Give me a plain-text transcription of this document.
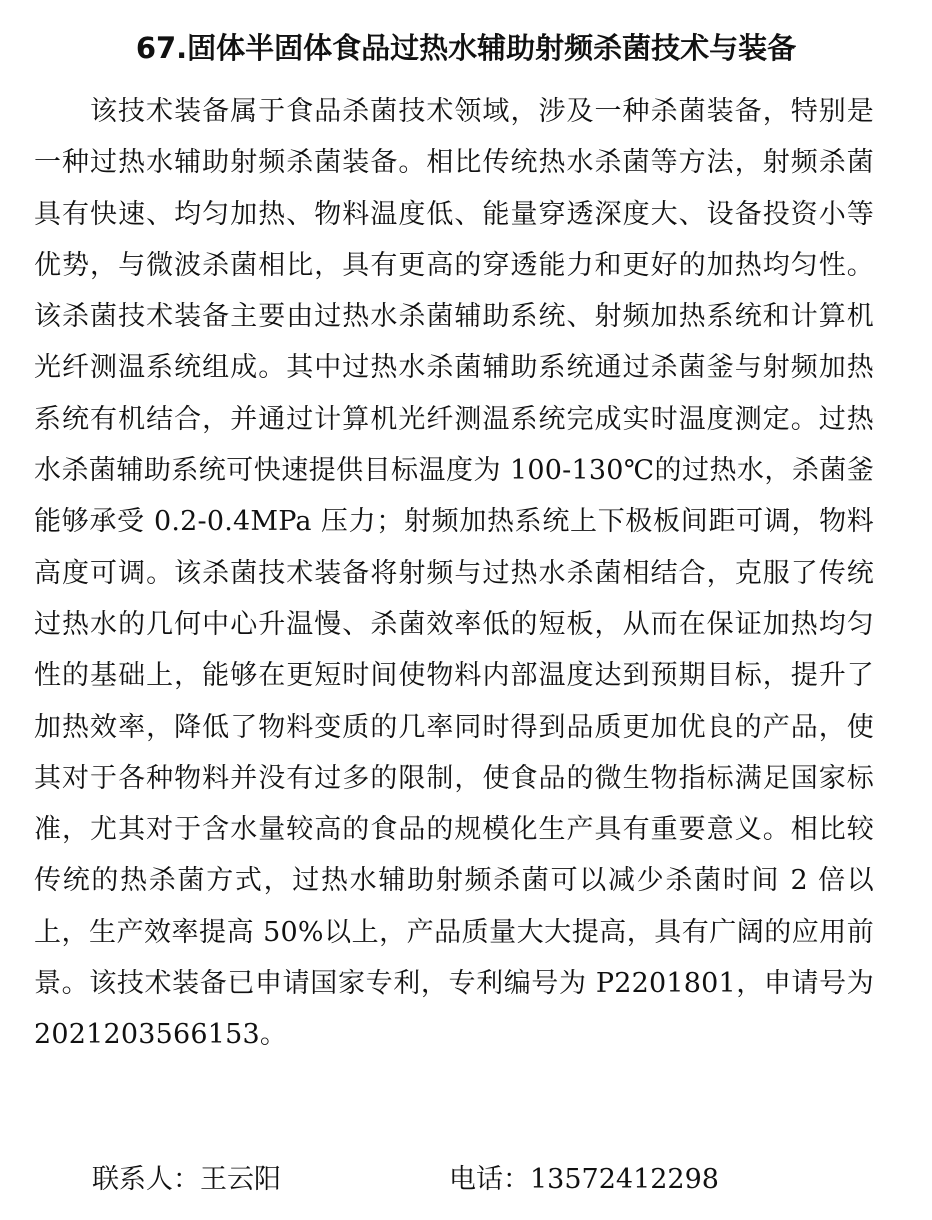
67.固体半固体食品过热水辅助射频杀菌技术与装备

该技术装备属于食品杀菌技术领域，涉及一种杀菌装备，特别是一种过热水辅助射频杀菌装备。相比传统热水杀菌等方法，射频杀菌具有快速、均匀加热、物料温度低、能量穿透深度大、设备投资小等优势，与微波杀菌相比，具有更高的穿透能力和更好的加热均匀性。该杀菌技术装备主要由过热水杀菌辅助系统、射频加热系统和计算机光纤测温系统组成。其中过热水杀菌辅助系统通过杀菌釜与射频加热系统有机结合，并通过计算机光纤测温系统完成实时温度测定。过热水杀菌辅助系统可快速提供目标温度为 100-130℃的过热水，杀菌釜能够承受 0.2-0.4MPa 压力；射频加热系统上下极板间距可调，物料高度可调。该杀菌技术装备将射频与过热水杀菌相结合，克服了传统过热水的几何中心升温慢、杀菌效率低的短板，从而在保证加热均匀性的基础上，能够在更短时间使物料内部温度达到预期目标，提升了加热效率，降低了物料变质的几率同时得到品质更加优良的产品，使其对于各种物料并没有过多的限制，使食品的微生物指标满足国家标准，尤其对于含水量较高的食品的规模化生产具有重要意义。相比较传统的热杀菌方式，过热水辅助射频杀菌可以减少杀菌时间 2 倍以上，生产效率提高 50%以上，产品质量大大提高，具有广阔的应用前景。该技术装备已申请国家专利，专利编号为 P2201801，申请号为 2021203566153。

联系人：王云阳	电话：13572412298
